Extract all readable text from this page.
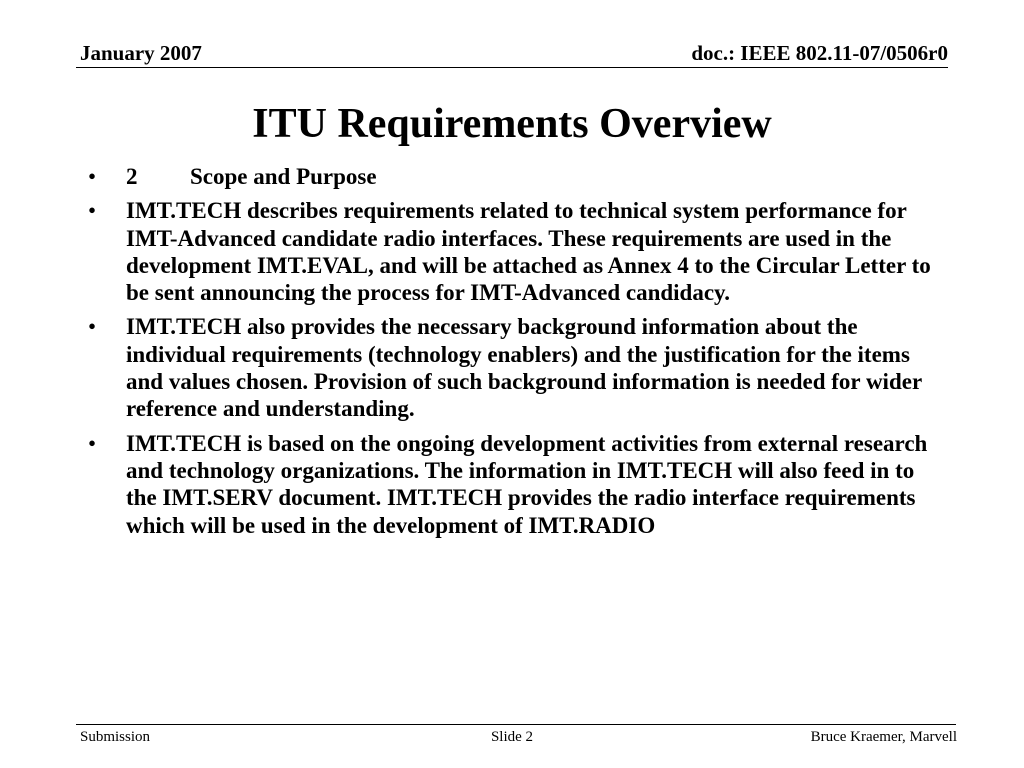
January 2007	doc.: IEEE 802.11-07/0506r0
ITU Requirements Overview
• 2 Scope and Purpose
• IMT.TECH describes requirements related to technical system performance for IMT-Advanced candidate radio interfaces. These requirements are used in the development IMT.EVAL, and will be attached as Annex 4 to the Circular Letter to be sent announcing the process for IMT-Advanced candidacy.
• IMT.TECH also provides the necessary background information about the individual requirements (technology enablers) and the justification for the items and values chosen. Provision of such background information is needed for wider reference and understanding.
• IMT.TECH is based on the ongoing development activities from external research and technology organizations. The information in IMT.TECH will also feed in to the IMT.SERV document. IMT.TECH provides the radio interface requirements which will be used in the development of IMT.RADIO
Submission	Slide 2	Bruce Kraemer, Marvell
